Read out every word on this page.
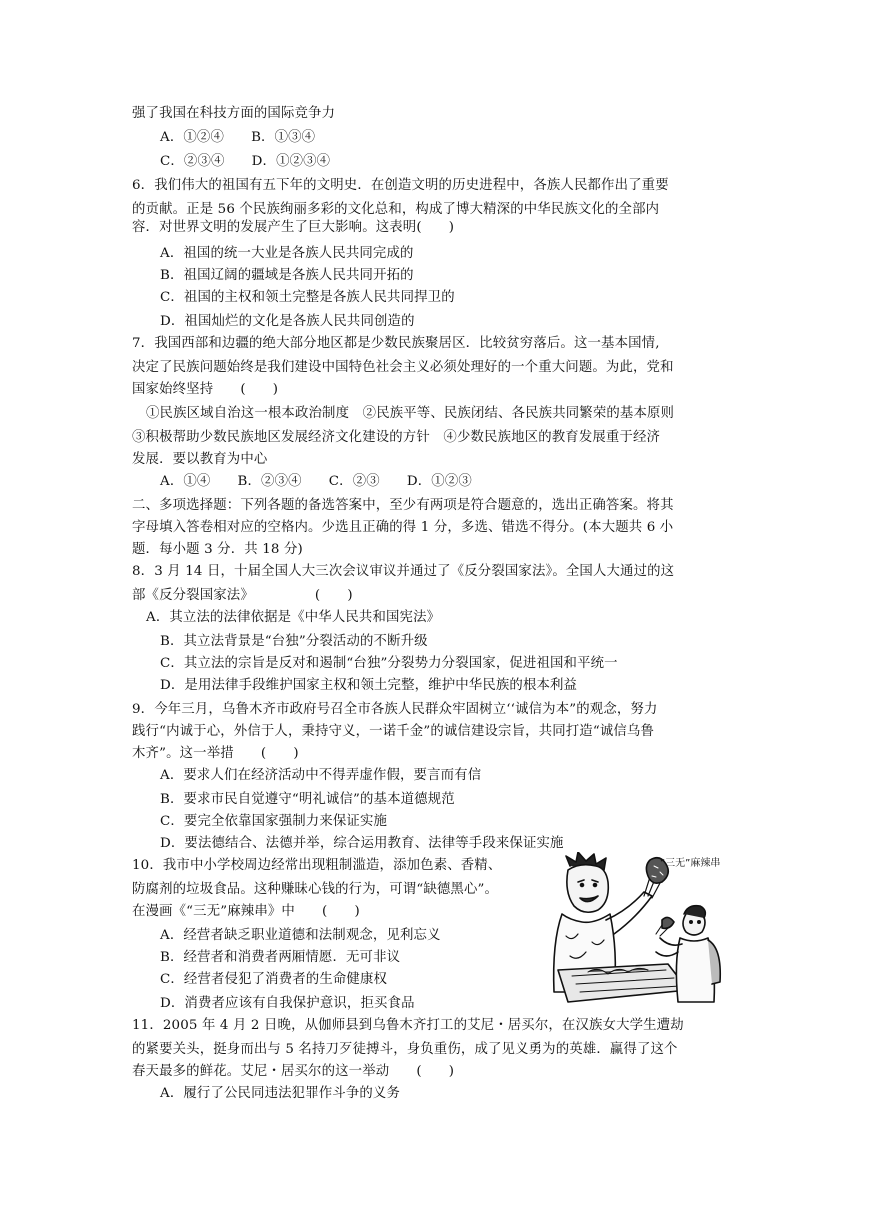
强了我国在科技方面的国际竞争力
A．①②④　　B．①③④
C．②③④　　D．①②③④
6．我们伟大的祖国有五下年的文明史．在创造文明的历史进程中，各族人民都作出了重要
的贡献。正是 56 个民族绚丽多彩的文化总和，构成了博大精深的中华民族文化的全部内
容．对世界文明的发展产生了巨大影响。这表明(　　)
A．祖国的统一大业是各族人民共同完成的
B．祖国辽阔的疆域是各族人民共同开拓的
C．祖国的主权和领土完整是各族人民共同捍卫的
D．祖国灿烂的文化是各族人民共同创造的
7．我国西部和边疆的绝大部分地区都是少数民族聚居区．比较贫穷落后。这一基本国情,
决定了民族问题始终是我们建设中国特色社会主义必须处理好的一个重大问题。为此，党和
国家始终坚持　　(　　)
①民族区域自治这一根本政治制度　②民族平等、民族闭结、各民族共同繁荣的基本原则
③积极帮助少数民族地区发展经济文化建设的方针　④少数民族地区的教育发展重于经济
发展．要以教育为中心
A．①④　　B．②③④　　C．②③　　D．①②③
二、多项选择题：下列各题的备选答案中，至少有两项是符合题意的，选出正确答案。将其
字母填入答卷相对应的空格内。少选且正确的得 1 分，多选、错选不得分。(本大题共 6 小
题．每小题 3 分．共 18 分)
8．3 月 14 日，十届全国人大三次会议审议并通过了《反分裂国家法》。全国人大通过的这
部《反分裂国家法》　　　　　(　　)
A．其立法的法律依据是《中华人民共和国宪法》
B．其立法背景是“台独”分裂活动的不断升级
C．其立法的宗旨是反对和遏制“台独”分裂势力分裂国家，促进祖国和平统一
D．是用法律手段维护国家主权和领土完整，维护中华民族的根本利益
9．今年三月，乌鲁木齐市政府号召全市各族人民群众牢固树立‘‘诚信为本”的观念，努力
践行“内诚于心，外信于人，秉持守义，一诺千金”的诚信建设宗旨，共同打造“诚信乌鲁
木齐”。这一举措　　(　　)
A．要求人们在经济活动中不得弄虚作假，要言而有信
B．要求市民自觉遵守“明礼诚信”的基本道德规范
C．要完全依靠国家强制力来保证实施
D．要法德结合、法德并举，综合运用教育、法律等手段来保证实施
10．我市中小学校周边经常出现粗制滥造，添加色素、香精、
防腐剂的垃圾食品。这种赚昧心钱的行为，可谓“缺德黑心”。
在漫画《“三无”麻辣串》中　　(　　)
A．经营者缺乏职业道德和法制观念，见利忘义
B．经营者和消费者两厢情愿．无可非议
C．经营者侵犯了消费者的生命健康权
D．消费者应该有自我保护意识，拒买食品
11．2005 年 4 月 2 日晚，从伽师县到乌鲁木齐打工的艾尼・居买尔，在汉族女大学生遭劫
的紧要关头，挺身而出与 5 名持刀歹徒搏斗，身负重伤，成了见义勇为的英雄．赢得了这个
春天最多的鲜花。艾尼・居买尔的这一举动　　(　　)
A．履行了公民同违法犯罪作斗争的义务
“三无”麻辣串
